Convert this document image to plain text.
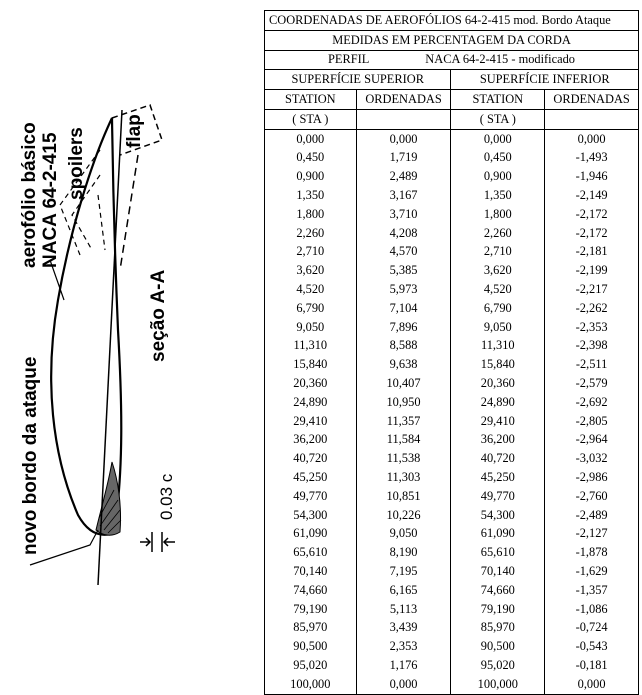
aerofólio básico NACA 64-2-415 spoilers flap
seção A-A
novo bordo da ataque	0.03 c
COORDENADAS DE AEROFÓLIOS 64-2-415 mod. Bordo Ataque			
MEDIDAS EM PERCENTAGEM DA CORDA			
PERFIL NACA 64-2-415 - modificado			
SUPERFÍCIE SUPERIOR		SUPERFÍCIE INFERIOR	
STATION	ORDENADAS	STATION	ORDENADAS
( STA )		( STA )	
0,000	0,000	0,000	0,000
0,450	1,719	0,450	-1,493
0,900	2,489	0,900	-1,946
1,350	3,167	1,350	-2,149
1,800	3,710	1,800	-2,172
2,260	4,208	2,260	-2,172
2,710	4,570	2,710	-2,181
3,620	5,385	3,620	-2,199
4,520	5,973	4,520	-2,217
6,790	7,104	6,790	-2,262
9,050	7,896	9,050	-2,353
11,310	8,588	11,310	-2,398
15,840	9,638	15,840	-2,511
20,360	10,407	20,360	-2,579
24,890	10,950	24,890	-2,692
29,410	11,357	29,410	-2,805
36,200	11,584	36,200	-2,964
40,720	11,538	40,720	-3,032
45,250	11,303	45,250	-2,986
49,770	10,851	49,770	-2,760
54,300	10,226	54,300	-2,489
61,090	9,050	61,090	-2,127
65,610	8,190	65,610	-1,878
70,140	7,195	70,140	-1,629
74,660	6,165	74,660	-1,357
79,190	5,113	79,190	-1,086
85,970	3,439	85,970	-0,724
90,500	2,353	90,500	-0,543
95,020	1,176	95,020	-0,181
100,000	0,000	100,000	0,000
